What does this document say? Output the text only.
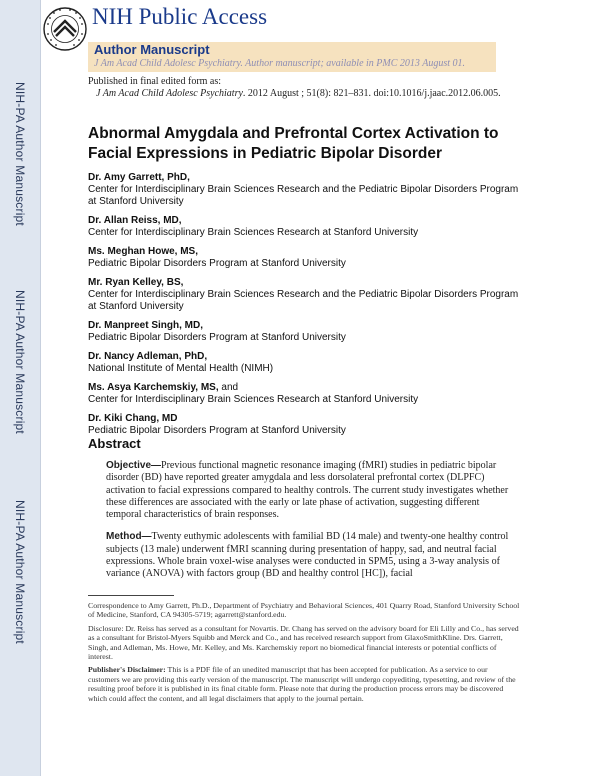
NIH-PA Author Manuscript
NIH-PA Author Manuscript
NIH-PA Author Manuscript
NIH Public Access
Author Manuscript
J Am Acad Child Adolesc Psychiatry. Author manuscript; available in PMC 2013 August 01.
Published in final edited form as:
J Am Acad Child Adolesc Psychiatry. 2012 August ; 51(8): 821–831. doi:10.1016/j.jaac.2012.06.005.
Abnormal Amygdala and Prefrontal Cortex Activation to Facial Expressions in Pediatric Bipolar Disorder
Dr. Amy Garrett, PhD,
Center for Interdisciplinary Brain Sciences Research and the Pediatric Bipolar Disorders Program at Stanford University
Dr. Allan Reiss, MD,
Center for Interdisciplinary Brain Sciences Research at Stanford University
Ms. Meghan Howe, MS,
Pediatric Bipolar Disorders Program at Stanford University
Mr. Ryan Kelley, BS,
Center for Interdisciplinary Brain Sciences Research and the Pediatric Bipolar Disorders Program at Stanford University
Dr. Manpreet Singh, MD,
Pediatric Bipolar Disorders Program at Stanford University
Dr. Nancy Adleman, PhD,
National Institute of Mental Health (NIMH)
Ms. Asya Karchemskiy, MS, and
Center for Interdisciplinary Brain Sciences Research at Stanford University
Dr. Kiki Chang, MD
Pediatric Bipolar Disorders Program at Stanford University
Abstract

Objective—Previous functional magnetic resonance imaging (fMRI) studies in pediatric bipolar disorder (BD) have reported greater amygdala and less dorsolateral prefrontal cortex (DLPFC) activation to facial expressions compared to healthy controls. The current study investigates whether these differences are associated with the early or late phase of activation, suggesting different temporal characteristics of brain responses.

Method—Twenty euthymic adolescents with familial BD (14 male) and twenty-one healthy control subjects (13 male) underwent fMRI scanning during presentation of happy, sad, and neutral facial expressions. Whole brain voxel-wise analyses were conducted in SPM5, using a 3-way analysis of variance (ANOVA) with factors group (BD and healthy control [HC]), facial

Correspondence to Amy Garrett, Ph.D., Department of Psychiatry and Behavioral Sciences, 401 Quarry Road, Stanford University School of Medicine, Stanford, CA 94305-5719; agarrett@stanford.edu.
Disclosure: Dr. Reiss has served as a consultant for Novartis. Dr. Chang has served on the advisory board for Eli Lilly and Co., has served as a consultant for Bristol-Myers Squibb and Merck and Co., and has received research support from GlaxoSmithKline. Drs. Garrett, Singh, and Adleman, Ms. Howe, Mr. Kelley, and Ms. Karchemskiy report no biomedical financial interests or potential conflicts of interest.
Publisher's Disclaimer: This is a PDF file of an unedited manuscript that has been accepted for publication. As a service to our customers we are providing this early version of the manuscript. The manuscript will undergo copyediting, typesetting, and review of the resulting proof before it is published in its final citable form. Please note that during the production process errors may be discovered which could affect the content, and all legal disclaimers that apply to the journal pertain.
